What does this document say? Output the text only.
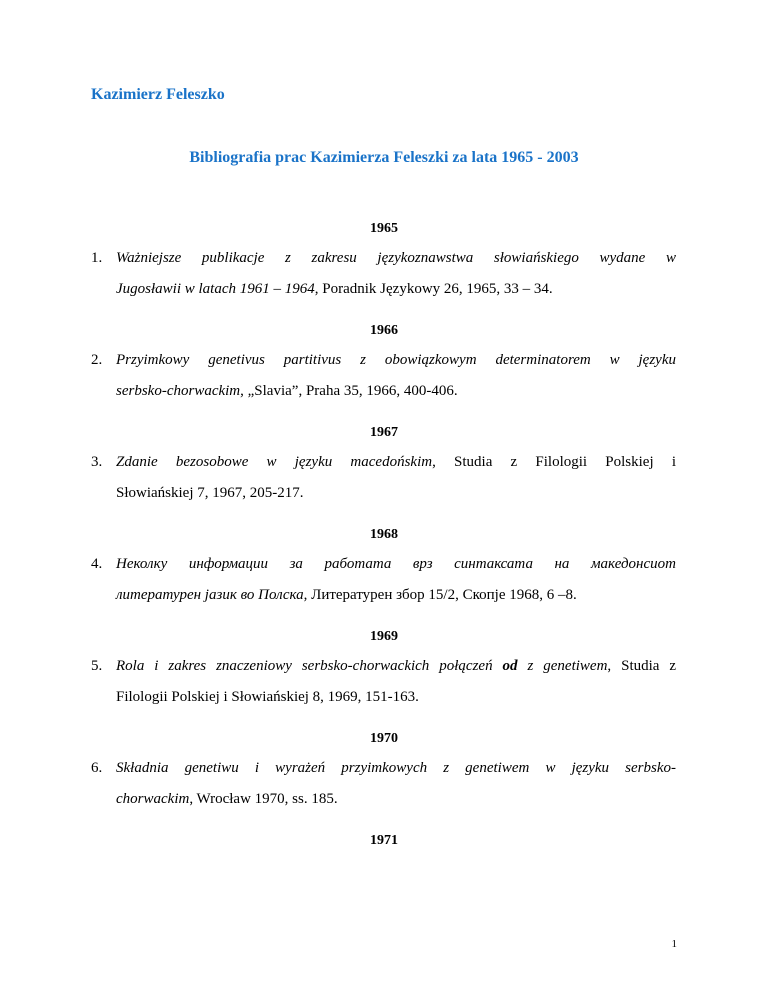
Kazimierz Feleszko
Bibliografia prac Kazimierza Feleszki za lata 1965 - 2003
1965
1. Ważniejsze publikacje z zakresu językoznawstwa słowiańskiego wydane w
Jugosławii w latach 1961 – 1964, Poradnik Językowy 26, 1965, 33 – 34.
1966
2. Przyimkowy genetivus partitivus z obowiązkowym determinatorem w języku
serbsko-chorwackim, „Slavia”, Praha 35, 1966, 400-406.
1967
3. Zdanie bezosobowe w języku macedońskim, Studia z Filologii Polskiej i
Słowiańskiej 7, 1967, 205-217.
1968
4. Неколку информации за работата врз синтаксата на македонсиот
литературен јазик во Полска, Литературен збор 15/2, Скопје 1968, 6 –8.
1969
5. Rola i zakres znaczeniowy serbsko-chorwackich połączeń od z genetiwem, Studia z
Filologii Polskiej i Słowiańskiej 8, 1969, 151-163.
1970
6. Składnia genetiwu i wyrażeń przyimkowych z genetiwem w języku serbsko-
chorwackim, Wrocław 1970, ss. 185.
1971
1
